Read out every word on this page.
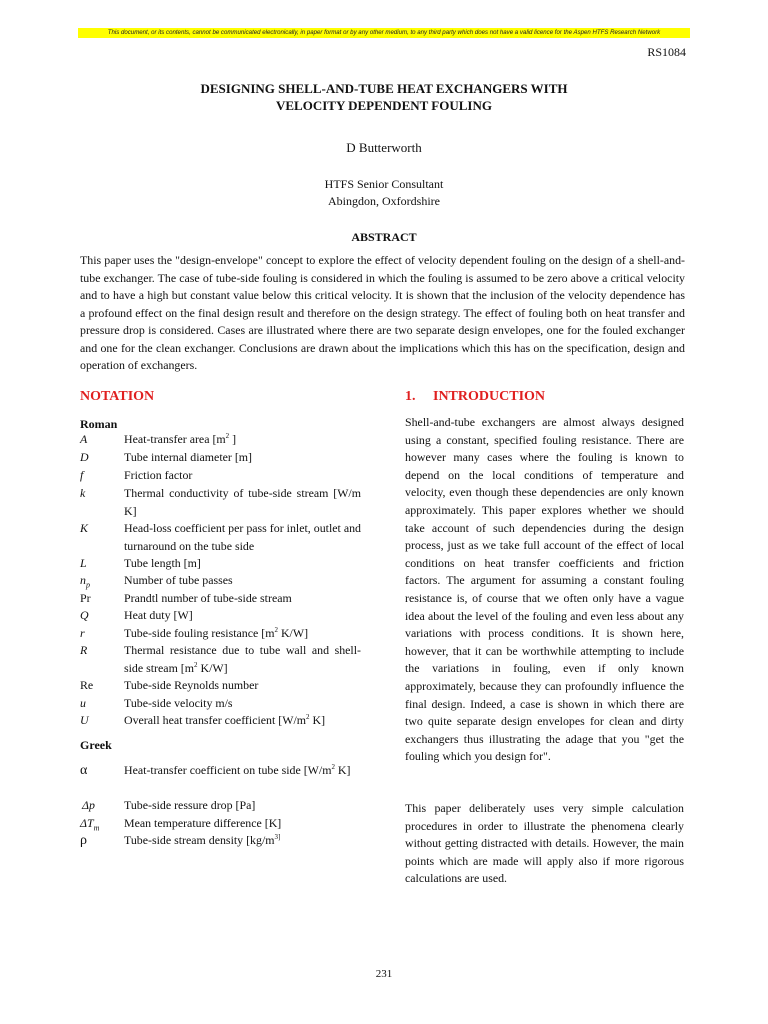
This document, or its contents, cannot be communicated electronically, in paper format or by any other medium, to any third party which does not have a valid licence for the Aspen HTFS Research Network
RS1084
DESIGNING SHELL-AND-TUBE HEAT EXCHANGERS WITH
VELOCITY DEPENDENT FOULING
D Butterworth
HTFS Senior Consultant
Abingdon, Oxfordshire
ABSTRACT
This paper uses the "design-envelope" concept to explore the effect of velocity dependent fouling on the design of a shell-and-tube exchanger. The case of tube-side fouling is considered in which the fouling is assumed to be zero above a critical velocity and to have a high but constant value below this critical velocity. It is shown that the inclusion of the velocity dependence has a profound effect on the final design result and therefore on the design strategy. The effect of fouling both on heat transfer and pressure drop is considered. Cases are illustrated where there are two separate design envelopes, one for the fouled exchanger and one for the clean exchanger. Conclusions are drawn about the implications which this has on the specification, design and operation of exchangers.
NOTATION
Roman
A	Heat-transfer area [$m^2$ ]
D	Tube internal diameter [m]
f	Friction factor
k	Thermal conductivity of tube-side stream [W/m K]
K	Head-loss coefficient per pass for inlet, outlet and turnaround on the tube side
L	Tube length [m]
$n_p$	Number of tube passes
Pr	Prandtl number of tube-side stream
Q	Heat duty [W]
r	Tube-side fouling resistance [$m^2$ K/W]
R	Thermal resistance due to tube wall and shell-side stream [$m^2$ K/W]
Re	Tube-side Reynolds number
u	Tube-side velocity m/s
U	Overall heat transfer coefficient [$W/m^2$ K]
Greek
α	Heat-transfer coefficient on tube side [$W/m^2$ K]
Δp Tube-side ressure drop [Pa]
$\Delta T_m$ Mean temperature difference [K]
ρ	Tube-side stream density [$kg/m^{3]}$
1.     INTRODUCTION
Shell-and-tube exchangers are almost always designed using a constant, specified fouling resistance. There are however many cases where the fouling is known to depend on the local conditions of temperature and velocity, even though these dependencies are only known approximately. This paper explores whether we should take account of such dependencies during the design process, just as we take full account of the effect of local conditions on heat transfer coefficients and friction factors. The argument for assuming a constant fouling resistance is, of course that we often only have a vague idea about the level of the fouling and even less about any variations with process conditions. It is shown here, however, that it can be worthwhile attempting to include the variations in fouling, even if only known approximately, because they can profoundly influence the final design. Indeed, a case is shown in which there are two quite separate design envelopes for clean and dirty exchangers thus illustrating the adage that you "get the fouling which you design for".
This paper deliberately uses very simple calculation procedures in order to illustrate the phenomena clearly without getting distracted with details. However, the main points which are made will apply also if more rigorous calculations are used.
231
